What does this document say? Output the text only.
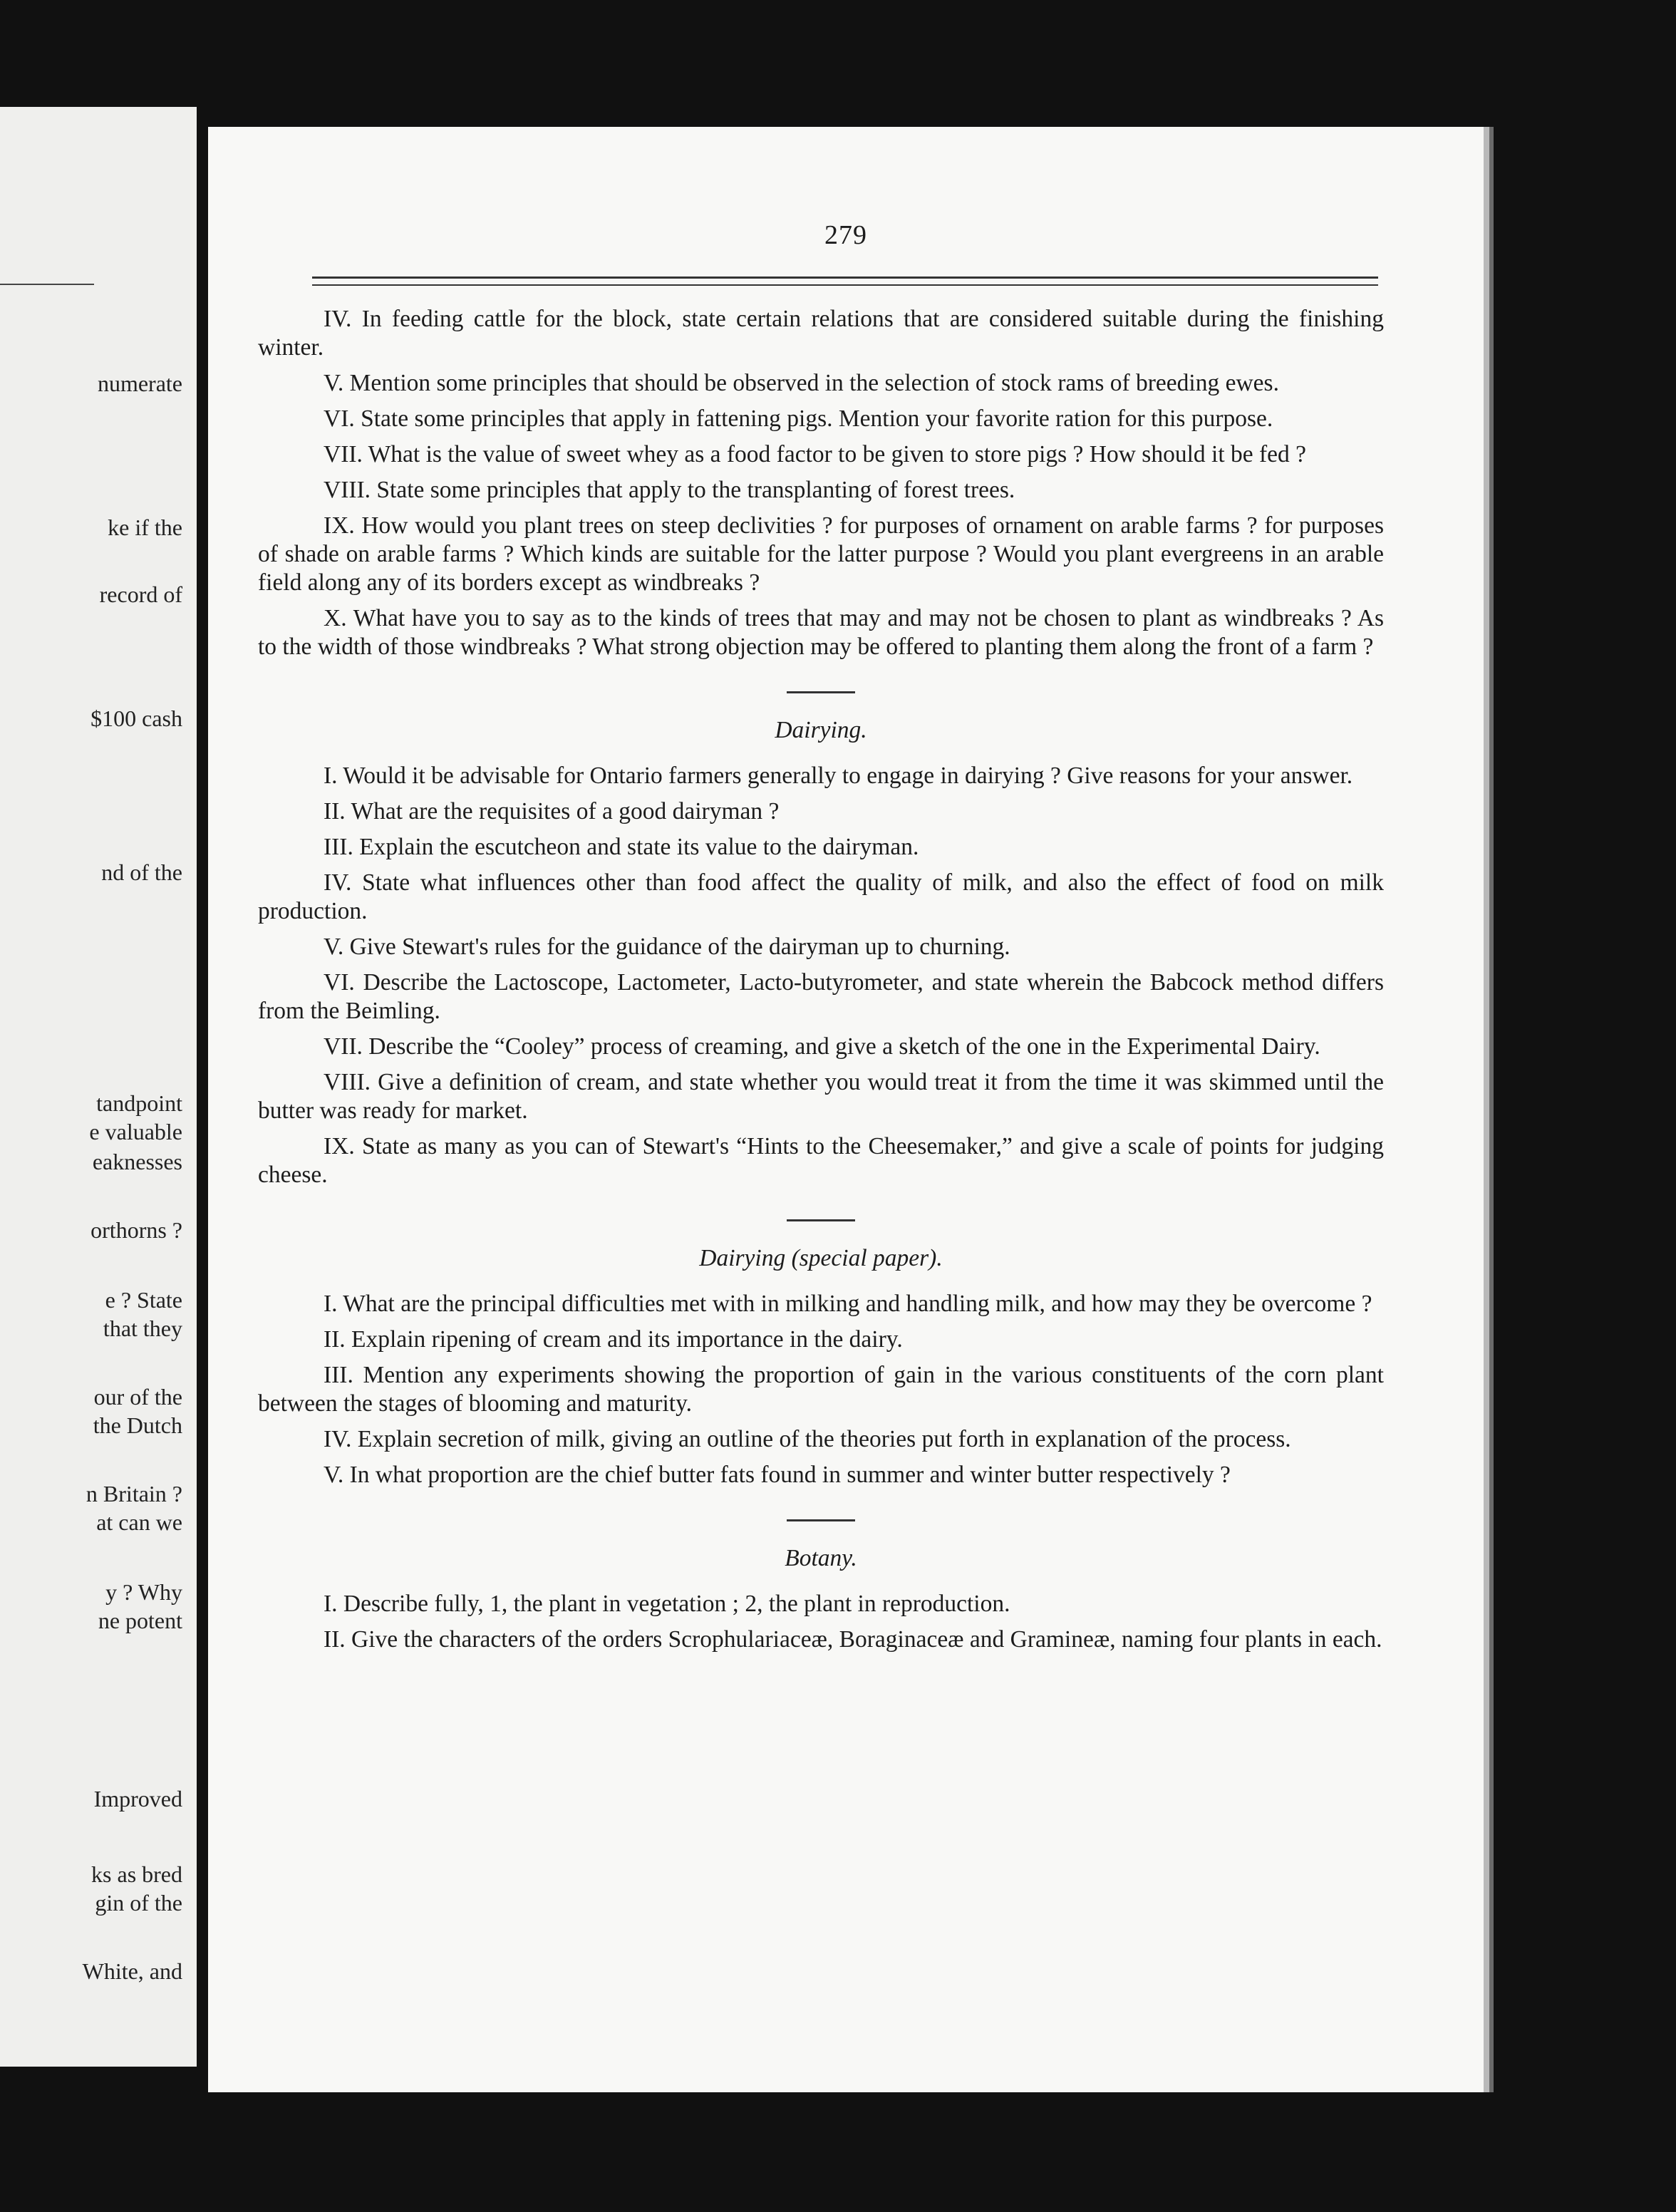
numerate
ke if the
record of
$100 cash
nd of the
tandpoint
e valuable
eaknesses
orthorns ?
e ? State
that they
our of the
the Dutch
n Britain ?
at can we
y ? Why
ne potent
Improved
ks as bred
gin of the
White, and
279

IV. In feeding cattle for the block, state certain relations that are considered suitable during the finishing winter.

V. Mention some principles that should be observed in the selection of stock rams of breeding ewes.

VI. State some principles that apply in fattening pigs. Mention your favorite ration for this purpose.

VII. What is the value of sweet whey as a food factor to be given to store pigs ? How should it be fed ?

VIII. State some principles that apply to the transplanting of forest trees.

IX. How would you plant trees on steep declivities ? for purposes of ornament on arable farms ? for purposes of shade on arable farms ? Which kinds are suitable for the latter purpose ? Would you plant evergreens in an arable field along any of its borders except as windbreaks ?

X. What have you to say as to the kinds of trees that may and may not be chosen to plant as windbreaks ? As to the width of those windbreaks ? What strong objection may be offered to planting them along the front of a farm ?

Dairying.

I. Would it be advisable for Ontario farmers generally to engage in dairying ? Give reasons for your answer.

II. What are the requisites of a good dairyman ?

III. Explain the escutcheon and state its value to the dairyman.

IV. State what influences other than food affect the quality of milk, and also the effect of food on milk production.

V. Give Stewart's rules for the guidance of the dairyman up to churning.

VI. Describe the Lactoscope, Lactometer, Lacto-butyrometer, and state wherein the Babcock method differs from the Beimling.

VII. Describe the “Cooley” process of creaming, and give a sketch of the one in the Experimental Dairy.

VIII. Give a definition of cream, and state whether you would treat it from the time it was skimmed until the butter was ready for market.

IX. State as many as you can of Stewart's “Hints to the Cheesemaker,” and give a scale of points for judging cheese.

Dairying (special paper).

I. What are the principal difficulties met with in milking and handling milk, and how may they be overcome ?

II. Explain ripening of cream and its importance in the dairy.

III. Mention any experiments showing the proportion of gain in the various constituents of the corn plant between the stages of blooming and maturity.

IV. Explain secretion of milk, giving an outline of the theories put forth in explanation of the process.

V. In what proportion are the chief butter fats found in summer and winter butter respectively ?

Botany.

I. Describe fully, 1, the plant in vegetation ; 2, the plant in reproduction.

II. Give the characters of the orders Scrophulariaceæ, Boraginaceæ and Gramineæ, naming four plants in each.
